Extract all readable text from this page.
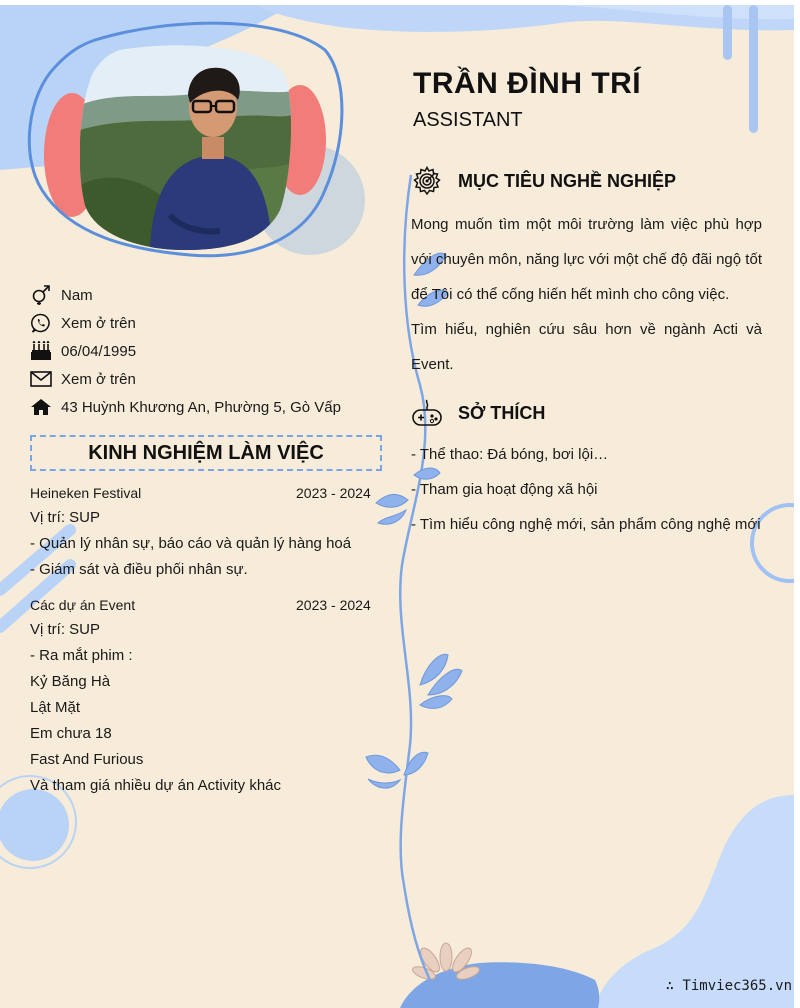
TRẦN ĐÌNH TRÍ
ASSISTANT
Nam
Xem ở trên
06/04/1995
Xem ở trên
43 Huỳnh Khương An, Phường 5, Gò Vấp
KINH NGHIỆM LÀM VIỆC
Heineken Festival	2023 - 2024
Vị trí: SUP
- Quản lý nhân sự, báo cáo và quản lý hàng hoá
- Giám sát và điều phối nhân sự.
Các dự án Event	2023 - 2024
Vị trí: SUP
- Ra mắt phim :
Kỷ Băng Hà
Lật Mặt
Em chưa 18
Fast And Furious
Và tham giá nhiều dự án Activity khác
MỤC TIÊU NGHỀ NGHIỆP
Mong muốn tìm một môi trường làm việc phù hợp với chuyên môn, năng lực với một chế độ đãi ngộ tốt để Tôi có thể cống hiến hết mình cho công việc.
Tìm hiểu, nghiên cứu sâu hơn về ngành Acti và Event.
SỞ THÍCH
- Thể thao: Đá bóng, bơi lội…
- Tham gia hoạt động xã hội
- Tìm hiểu công nghệ mới, sản phẩm công nghệ mới
∴ Timviec365.vn
